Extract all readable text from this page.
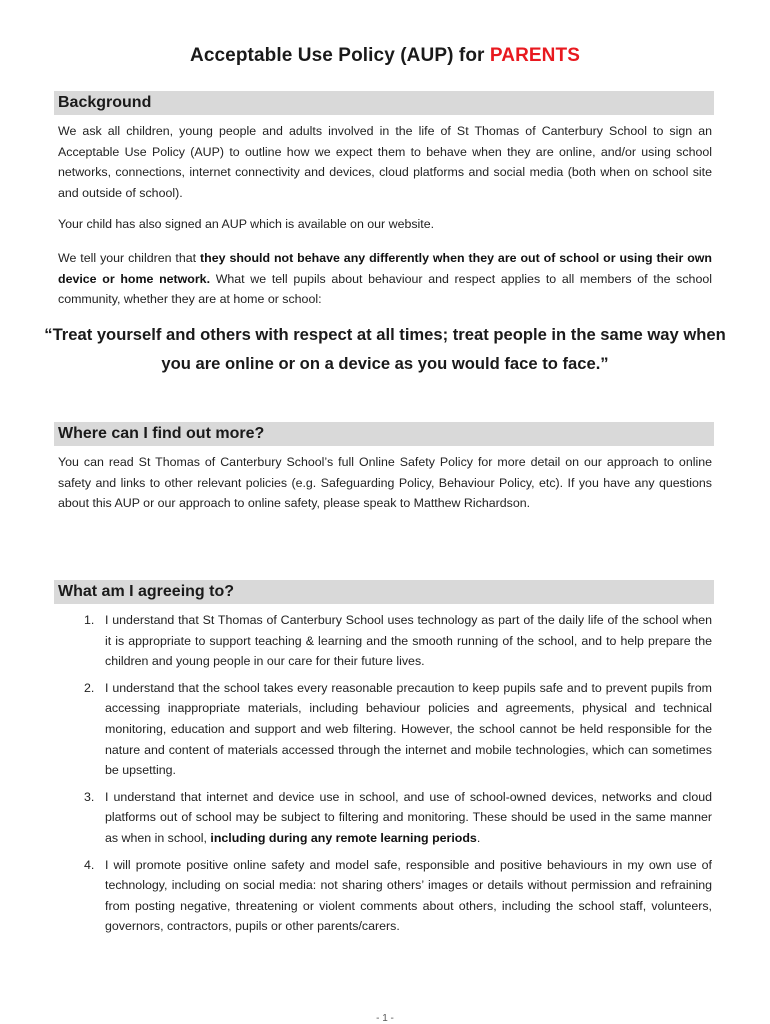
Acceptable Use Policy (AUP) for PARENTS
Background
We ask all children, young people and adults involved in the life of St Thomas of Canterbury School to sign an Acceptable Use Policy (AUP) to outline how we expect them to behave when they are online, and/or using school networks, connections, internet connectivity and devices, cloud platforms and social media (both when on school site and outside of school).
Your child has also signed an AUP which is available on our website.
We tell your children that they should not behave any differently when they are out of school or using their own device or home network. What we tell pupils about behaviour and respect applies to all members of the school community, whether they are at home or school:
“Treat yourself and others with respect at all times; treat people in the same way when you are online or on a device as you would face to face.”
Where can I find out more?
You can read St Thomas of Canterbury School’s full Online Safety Policy for more detail on our approach to online safety and links to other relevant policies (e.g. Safeguarding Policy, Behaviour Policy, etc). If you have any questions about this AUP or our approach to online safety, please speak to Matthew Richardson.
What am I agreeing to?
1. I understand that St Thomas of Canterbury School uses technology as part of the daily life of the school when it is appropriate to support teaching & learning and the smooth running of the school, and to help prepare the children and young people in our care for their future lives.
2. I understand that the school takes every reasonable precaution to keep pupils safe and to prevent pupils from accessing inappropriate materials, including behaviour policies and agreements, physical and technical monitoring, education and support and web filtering. However, the school cannot be held responsible for the nature and content of materials accessed through the internet and mobile technologies, which can sometimes be upsetting.
3. I understand that internet and device use in school, and use of school-owned devices, networks and cloud platforms out of school may be subject to filtering and monitoring. These should be used in the same manner as when in school, including during any remote learning periods.
4. I will promote positive online safety and model safe, responsible and positive behaviours in my own use of technology, including on social media: not sharing others’ images or details without permission and refraining from posting negative, threatening or violent comments about others, including the school staff, volunteers, governors, contractors, pupils or other parents/carers.
- 1 -
